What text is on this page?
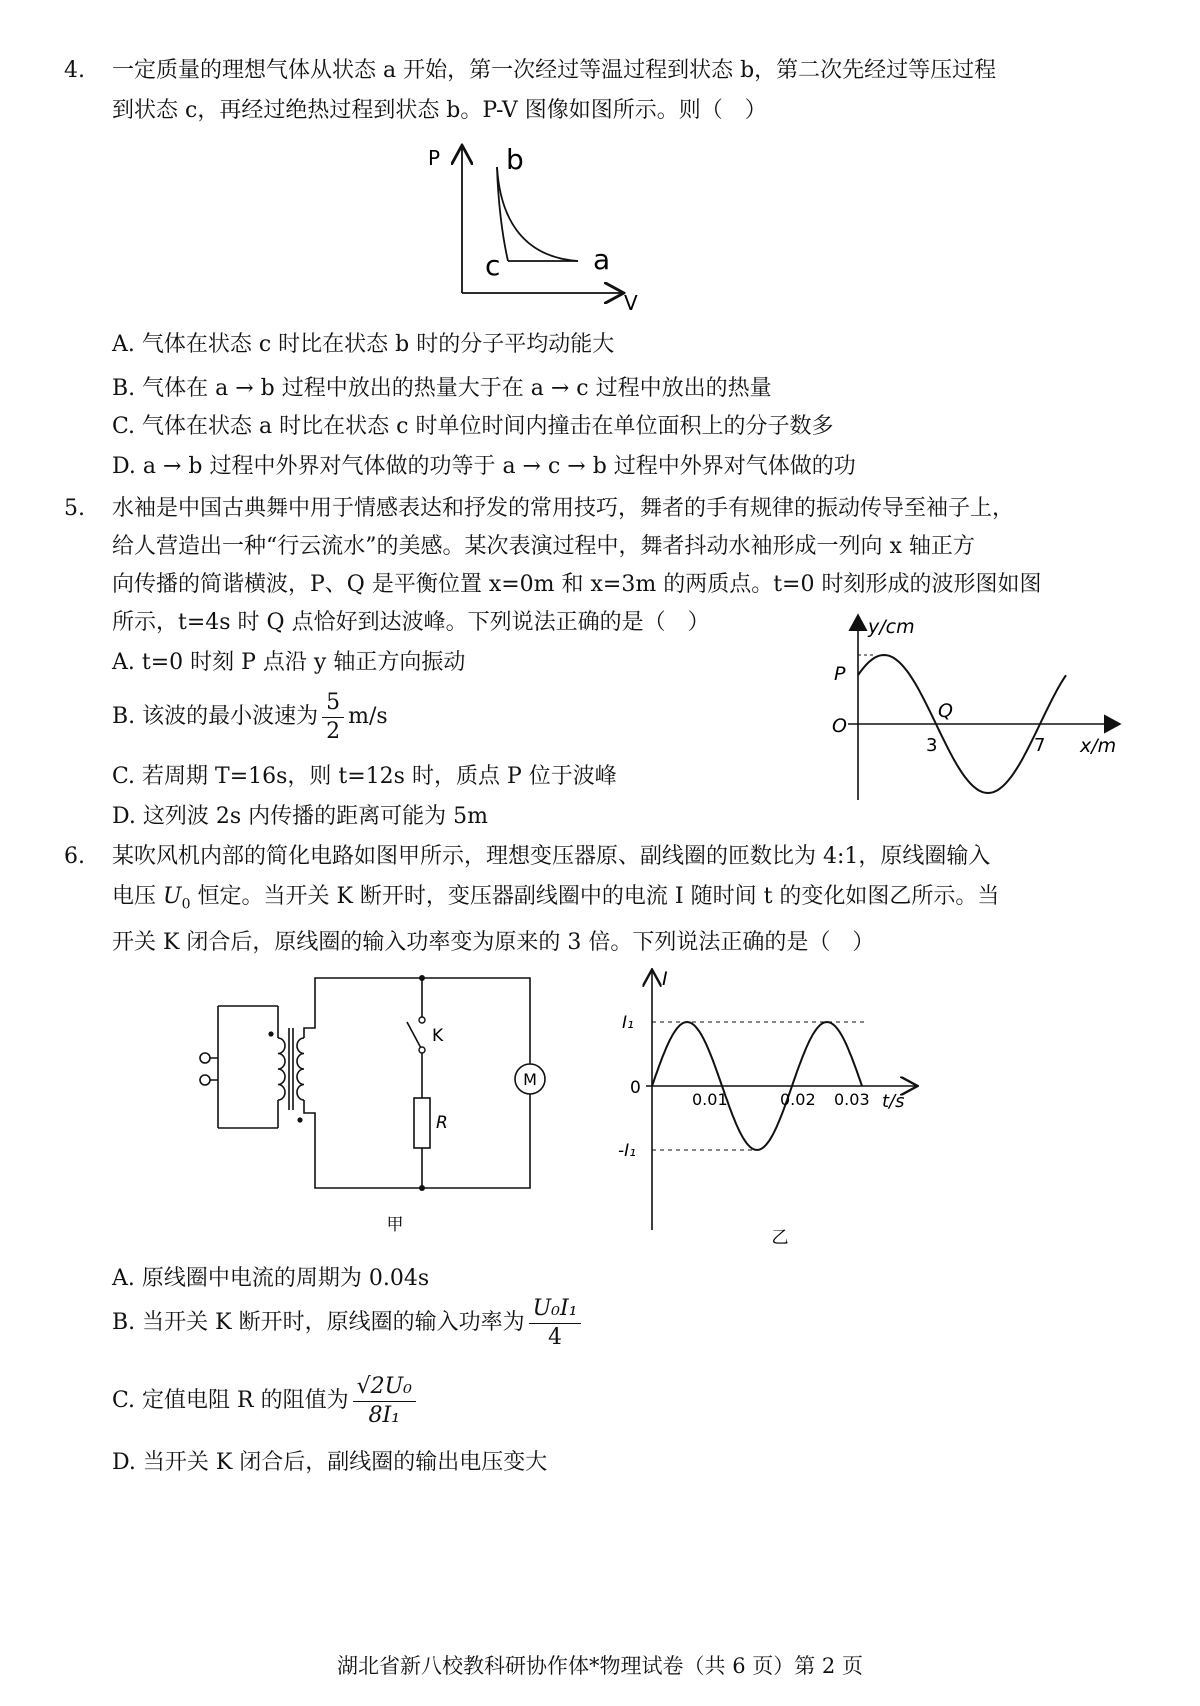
4. 一定质量的理想气体从状态 a 开始，第一次经过等温过程到状态 b，第二次先经过等压过程
到状态 c，再经过绝热过程到状态 b。P-V 图像如图所示。则（　）
P
V
b
c	a
A. 气体在状态 c 时比在状态 b 时的分子平均动能大
B. 气体在 a → b 过程中放出的热量大于在 a → c 过程中放出的热量
C. 气体在状态 a 时比在状态 c 时单位时间内撞击在单位面积上的分子数多
D. a → b 过程中外界对气体做的功等于 a → c → b 过程中外界对气体做的功
5. 水袖是中国古典舞中用于情感表达和抒发的常用技巧，舞者的手有规律的振动传导至袖子上，
给人营造出一种“行云流水”的美感。某次表演过程中，舞者抖动水袖形成一列向 x 轴正方
向传播的简谐横波，P、Q 是平衡位置 x=0m 和 x=3m 的两质点。t=0 时刻形成的波形图如图
所示，t=4s 时 Q 点恰好到达波峰。下列说法正确的是（　）	y/cm
x/m
O
P
Q
3	7
A. t=0 时刻 P 点沿 y 轴正方向振动
B. 该波的最小波速为 $\frac{5}{2} m/s$
C. 若周期 T=16s，则 t=12s 时，质点 P 位于波峰
D. 这列波 2s 内传播的距离可能为 5m
6. 某吹风机内部的简化电路如图甲所示，理想变压器原、副线圈的匝数比为 4:1，原线圈输入
电压 $U_0$ 恒定。当开关 K 断开时，变压器副线圈中的电流 I 随时间 t 的变化如图乙所示。当
开关 K 闭合后，原线圈的输入功率变为原来的 3 倍。下列说法正确的是（　）
K
R
M
甲
I
t/s
I₁
-I₁
0
0.01	0.02 0.03
乙
A. 原线圈中电流的周期为 0.04s
B. 当开关 K 断开时，原线圈的输入功率为 $\frac{\text{U₀I₁}}{4}$
C. 定值电阻 R 的阻值为 $\frac{\text{√2U₀}}{\text{8I₁}}$
D. 当开关 K 闭合后，副线圈的输出电压变大
湖北省新八校教科研协作体*物理试卷（共 6 页）第 2 页
